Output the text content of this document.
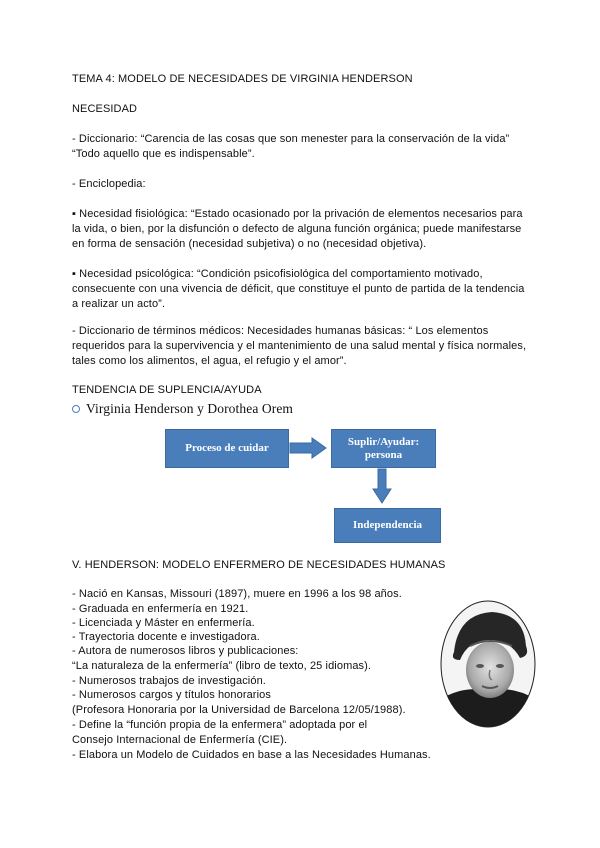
TEMA 4: MODELO DE NECESIDADES DE VIRGINIA HENDERSON
NECESIDAD
- Diccionario: “Carencia de las cosas que son menester para la conservación de la vida”
“Todo aquello que es indispensable”.
- Enciclopedia:
▪ Necesidad fisiológica: “Estado ocasionado por la privación de elementos necesarios para
la vida, o bien, por la disfunción o defecto de alguna función orgánica; puede manifestarse
en forma de sensación (necesidad subjetiva) o no (necesidad objetiva).
▪ Necesidad psicológica: “Condición psicofisiológica del comportamiento motivado,
consecuente con una vivencia de déficit, que constituye el punto de partida de la tendencia
a realizar un acto”.
- Diccionario de términos médicos: Necesidades humanas básicas: “ Los elementos
requeridos para la supervivencia y el mantenimiento de una salud mental y física normales,
tales como los alimentos, el agua, el refugio y el amor”.
TENDENCIA DE SUPLENCIA/AYUDA
Virginia Henderson y Dorothea Orem
Proceso de cuidar
Suplir/Ayudar:
persona
Independencia
V. HENDERSON: MODELO ENFERMERO DE NECESIDADES HUMANAS
- Nació en Kansas, Missouri (1897), muere en 1996 a los 98 años.
- Graduada en enfermería en 1921.
- Licenciada y Máster en enfermería.
- Trayectoria docente e investigadora.
- Autora de numerosos libros y publicaciones:
“La naturaleza de la enfermería” (libro de texto, 25 idiomas).
- Numerosos trabajos de investigación.
- Numerosos cargos y títulos honorarios
(Profesora Honoraria por la Universidad de Barcelona 12/05/1988).
- Define la “función propia de la enfermera” adoptada por el
Consejo Internacional de Enfermería (CIE).
- Elabora un Modelo de Cuidados en base a las Necesidades Humanas.
